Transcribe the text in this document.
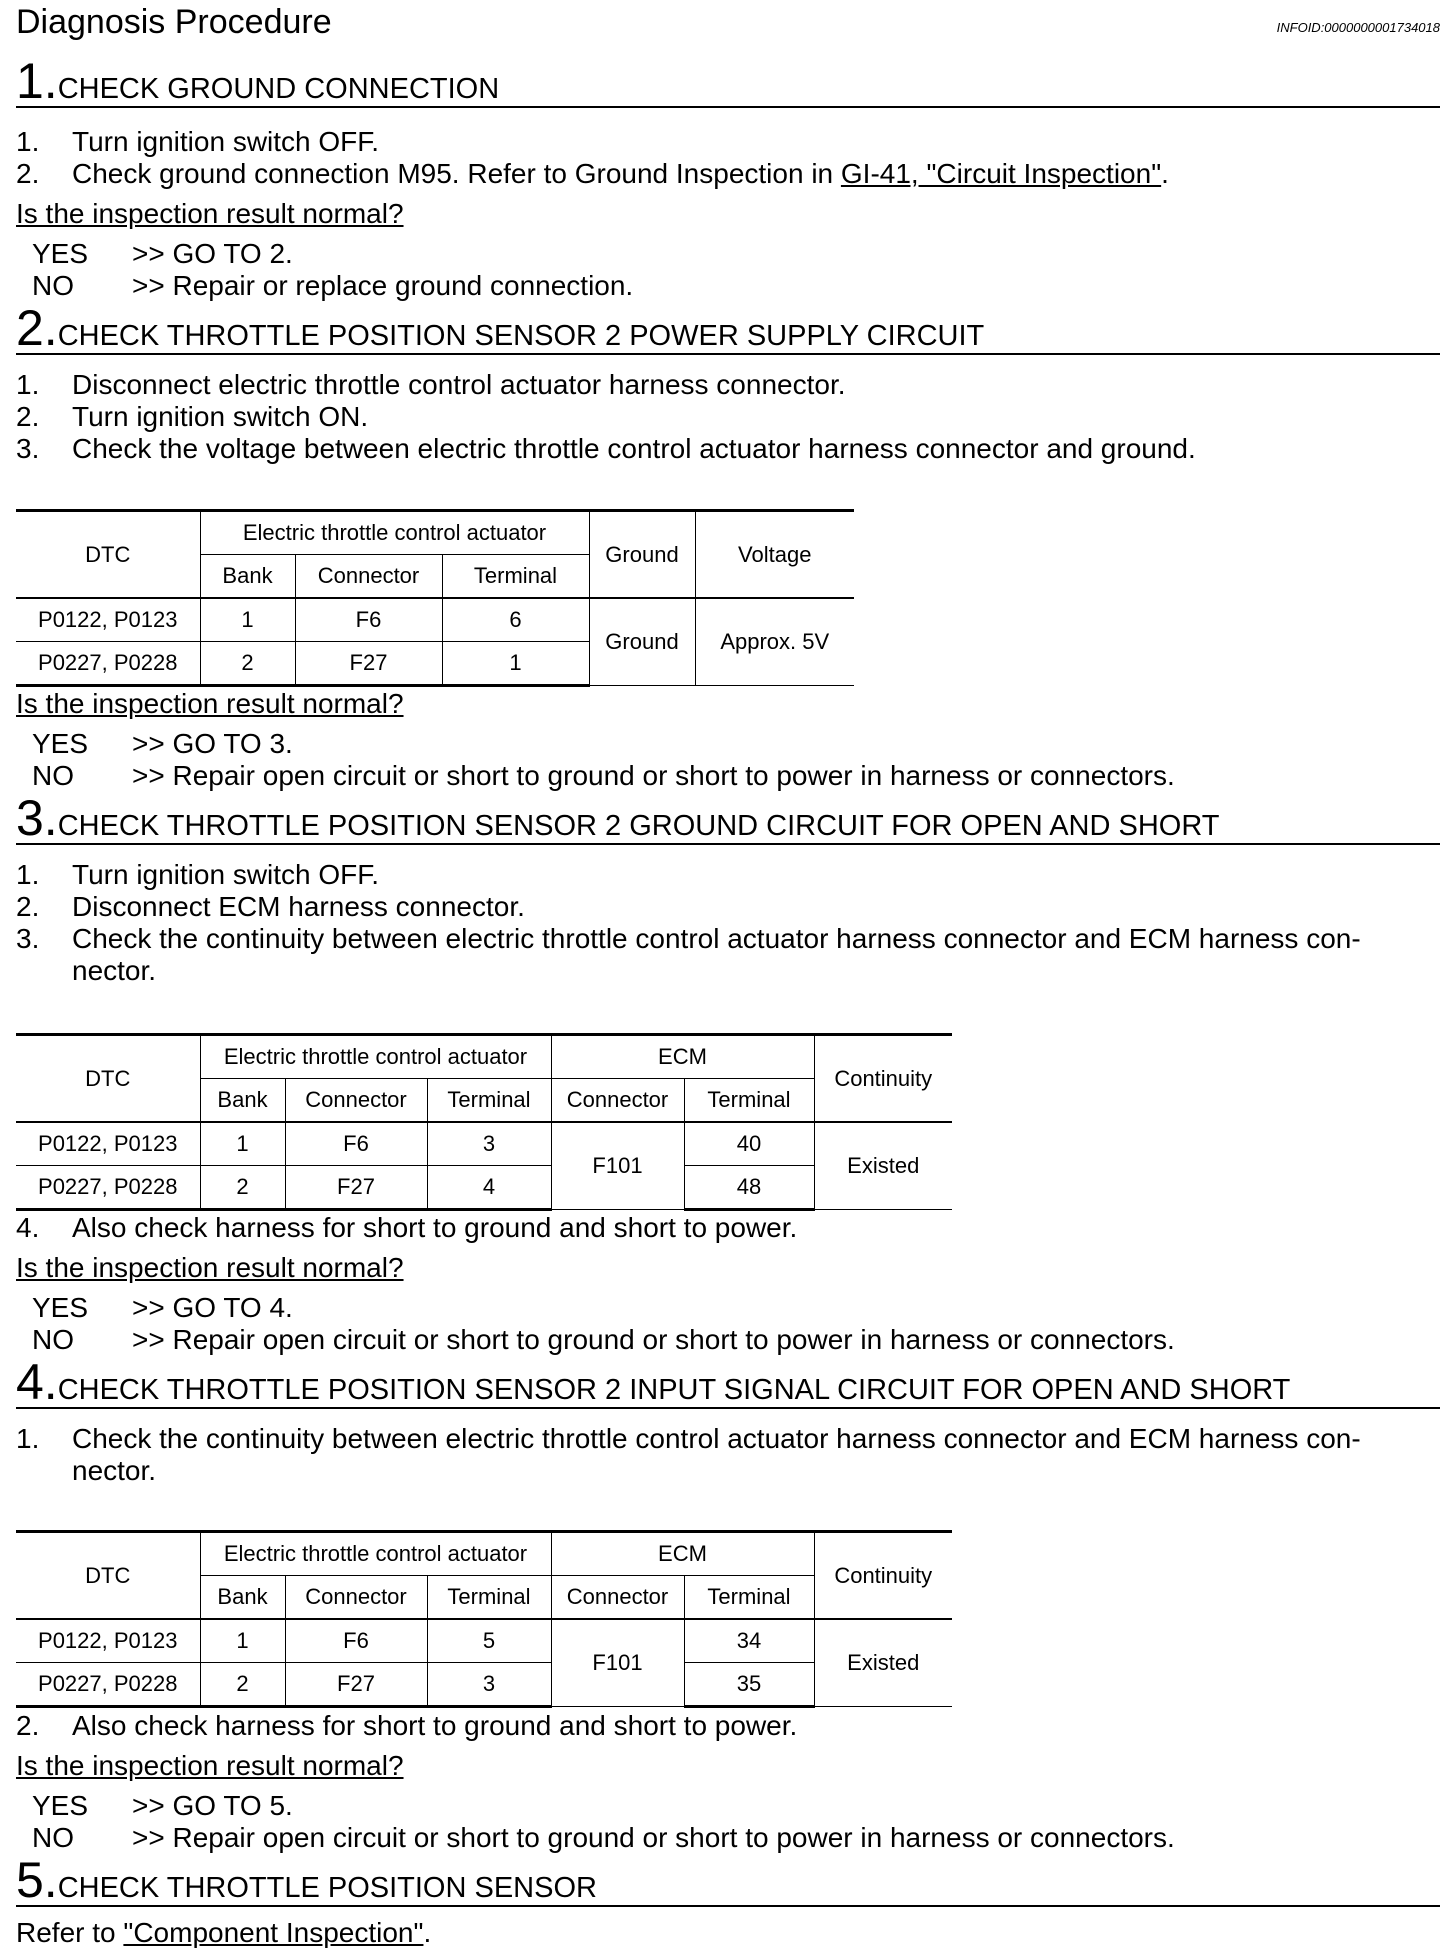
Diagnosis Procedure	INFOID:0000000001734018
1.CHECK GROUND CONNECTION
1. Turn ignition switch OFF.
2. Check ground connection M95. Refer to Ground Inspection in GI-41, "Circuit Inspection".
Is the inspection result normal?
YES >> GO TO 2.
NO >> Repair or replace ground connection.
2.CHECK THROTTLE POSITION SENSOR 2 POWER SUPPLY CIRCUIT
1. Disconnect electric throttle control actuator harness connector.
2. Turn ignition switch ON.
3. Check the voltage between electric throttle control actuator harness connector and ground.
DTC	Electric throttle control actuator			Ground	Voltage
	Bank	Connector	Terminal		
P0122, P0123	1	F6	6	Ground	Approx. 5V
P0227, P0228	2	F27	1		
Is the inspection result normal?
YES >> GO TO 3.
NO >> Repair open circuit or short to ground or short to power in harness or connectors.
3.CHECK THROTTLE POSITION SENSOR 2 GROUND CIRCUIT FOR OPEN AND SHORT
1. Turn ignition switch OFF.
2. Disconnect ECM harness connector.
3. Check the continuity between electric throttle control actuator harness connector and ECM harness con-
nector.
DTC	Electric throttle control actuator			ECM		Continuity
	Bank	Connector	Terminal	Connector	Terminal	
P0122, P0123	1	F6	3	F101	40	Existed
P0227, P0228	2	F27	4		48	
4. Also check harness for short to ground and short to power.
Is the inspection result normal?
YES >> GO TO 4.
NO >> Repair open circuit or short to ground or short to power in harness or connectors.
4.CHECK THROTTLE POSITION SENSOR 2 INPUT SIGNAL CIRCUIT FOR OPEN AND SHORT
1. Check the continuity between electric throttle control actuator harness connector and ECM harness con-
nector.
DTC	Electric throttle control actuator			ECM		Continuity
	Bank	Connector	Terminal	Connector	Terminal	
P0122, P0123	1	F6	5	F101	34	Existed
P0227, P0228	2	F27	3		35	
2. Also check harness for short to ground and short to power.
Is the inspection result normal?
YES >> GO TO 5.
NO >> Repair open circuit or short to ground or short to power in harness or connectors.
5.CHECK THROTTLE POSITION SENSOR
Refer to "Component Inspection".
